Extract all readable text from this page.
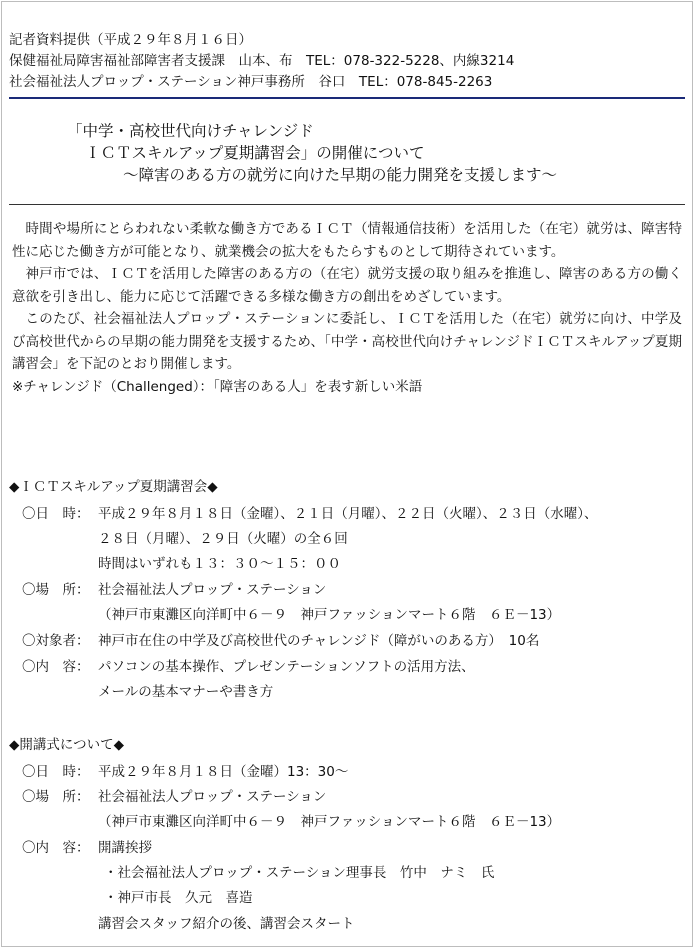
記者資料提供（平成２９年８月１６日）
保健福祉局障害福祉部障害者支援課　山本、布　TEL：078-322-5228、内線3214
社会福祉法人プロップ・ステーション神戸事務所　谷口　TEL：078-845-2263
「中学・高校世代向けチャレンジド
ＩＣＴスキルアップ夏期講習会」の開催について
～障害のある方の就労に向けた早期の能力開発を支援します～

時間や場所にとらわれない柔軟な働き方であるＩＣＴ（情報通信技術）を活用した（在宅）就労は、障害特性に応じた働き方が可能となり、就業機会の拡大をもたらすものとして期待されています。

神戸市では、ＩＣＴを活用した障害のある方の（在宅）就労支援の取り組みを推進し、障害のある方の働く意欲を引き出し、能力に応じて活躍できる多様な働き方の創出をめざしています。

このたび、社会福祉法人プロップ・ステーションに委託し、ＩＣＴを活用した（在宅）就労に向け、中学及び高校世代からの早期の能力開発を支援するため、「中学・高校世代向けチャレンジドＩＣＴスキルアップ夏期講習会」を下記のとおり開催します。

※チャレンジド（Challenged）：「障害のある人」を表す新しい米語

◆ＩＣＴスキルアップ夏期講習会◆
〇日　時： 平成２９年８月１８日（金曜）、２１日（月曜）、２２日（火曜）、２３日（水曜）、
２８日（月曜）、２９日（火曜）の全６回
時間はいずれも１３：３０～１５：００
〇場　所： 社会福祉法人プロップ・ステーション
（神戸市東灘区向洋町中６－９　神戸ファッションマート６階　６Ｅ－13）
〇対象者： 神戸市在住の中学及び高校世代のチャレンジド（障がいのある方）　10名
〇内　容： パソコンの基本操作、プレゼンテーションソフトの活用方法、
メールの基本マナーや書き方
◆開講式について◆
〇日　時： 平成２９年８月１８日（金曜）13：30～
〇場　所： 社会福祉法人プロップ・ステーション
（神戸市東灘区向洋町中６－９　神戸ファッションマート６階　６Ｅ－13）
〇内　容： 開講挨拶
・社会福祉法人プロップ・ステーション理事長　竹中　ナミ　氏
・神戸市長　久元　喜造
講習会スタッフ紹介の後、講習会スタート
